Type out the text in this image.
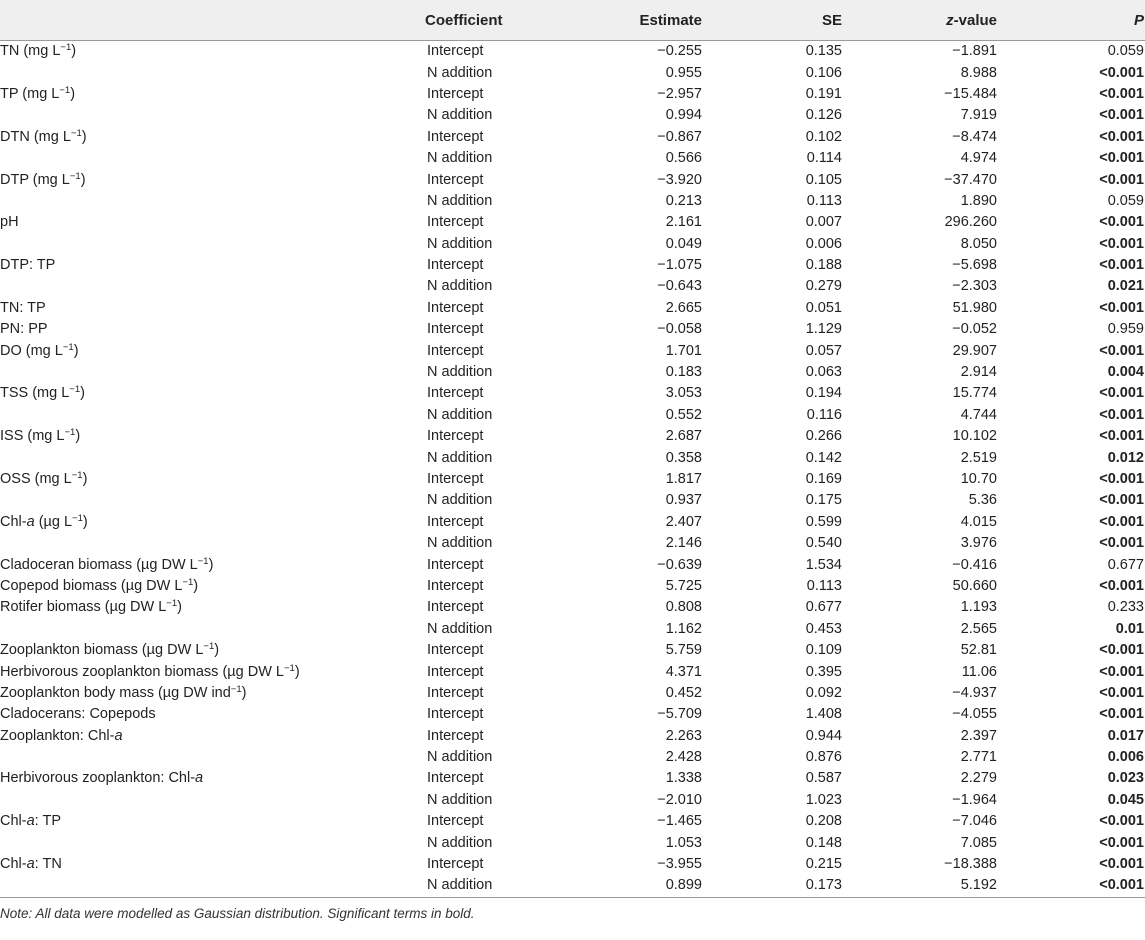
	Coefficient	Estimate	SE	z-value	P
TN (mg $L^{-1}$)	Intercept	−0.255	0.135	−1.891	0.059
	N addition	0.955	0.106	8.988	<0.001
TP (mg $L^{-1}$)	Intercept	−2.957	0.191	−15.484	<0.001
	N addition	0.994	0.126	7.919	<0.001
DTN (mg $L^{-1}$)	Intercept	−0.867	0.102	−8.474	<0.001
	N addition	0.566	0.114	4.974	<0.001
DTP (mg $L^{-1}$)	Intercept	−3.920	0.105	−37.470	<0.001
	N addition	0.213	0.113	1.890	0.059
pH	Intercept	2.161	0.007	296.260	<0.001
	N addition	0.049	0.006	8.050	<0.001
DTP: TP	Intercept	−1.075	0.188	−5.698	<0.001
	N addition	−0.643	0.279	−2.303	0.021
TN: TP	Intercept	2.665	0.051	51.980	<0.001
PN: PP	Intercept	−0.058	1.129	−0.052	0.959
DO (mg $L^{-1}$)	Intercept	1.701	0.057	29.907	<0.001
	N addition	0.183	0.063	2.914	0.004
TSS (mg $L^{-1}$)	Intercept	3.053	0.194	15.774	<0.001
	N addition	0.552	0.116	4.744	<0.001
ISS (mg $L^{-1}$)	Intercept	2.687	0.266	10.102	<0.001
	N addition	0.358	0.142	2.519	0.012
OSS (mg $L^{-1}$)	Intercept	1.817	0.169	10.70	<0.001
	N addition	0.937	0.175	5.36	<0.001
Chl-a (µg $L^{-1}$)	Intercept	2.407	0.599	4.015	<0.001
	N addition	2.146	0.540	3.976	<0.001
Cladoceran biomass (µg DW $L^{-1}$)	Intercept	−0.639	1.534	−0.416	0.677
Copepod biomass (µg DW $L^{-1}$)	Intercept	5.725	0.113	50.660	<0.001
Rotifer biomass (µg DW $L^{-1}$)	Intercept	0.808	0.677	1.193	0.233
	N addition	1.162	0.453	2.565	0.01
Zooplankton biomass (µg DW $L^{-1}$)	Intercept	5.759	0.109	52.81	<0.001
Herbivorous zooplankton biomass (µg DW $L^{-1}$)	Intercept	4.371	0.395	11.06	<0.001
Zooplankton body mass (µg DW ind$^{-1}$)	Intercept	0.452	0.092	−4.937	<0.001
Cladocerans: Copepods	Intercept	−5.709	1.408	−4.055	<0.001
Zooplankton: Chl-a	Intercept	2.263	0.944	2.397	0.017
	N addition	2.428	0.876	2.771	0.006
Herbivorous zooplankton: Chl-a	Intercept	1.338	0.587	2.279	0.023
	N addition	−2.010	1.023	−1.964	0.045
Chl-a: TP	Intercept	−1.465	0.208	−7.046	<0.001
	N addition	1.053	0.148	7.085	<0.001
Chl-a: TN	Intercept	−3.955	0.215	−18.388	<0.001
	N addition	0.899	0.173	5.192	<0.001
Note: All data were modelled as Gaussian distribution. Significant terms in bold.
